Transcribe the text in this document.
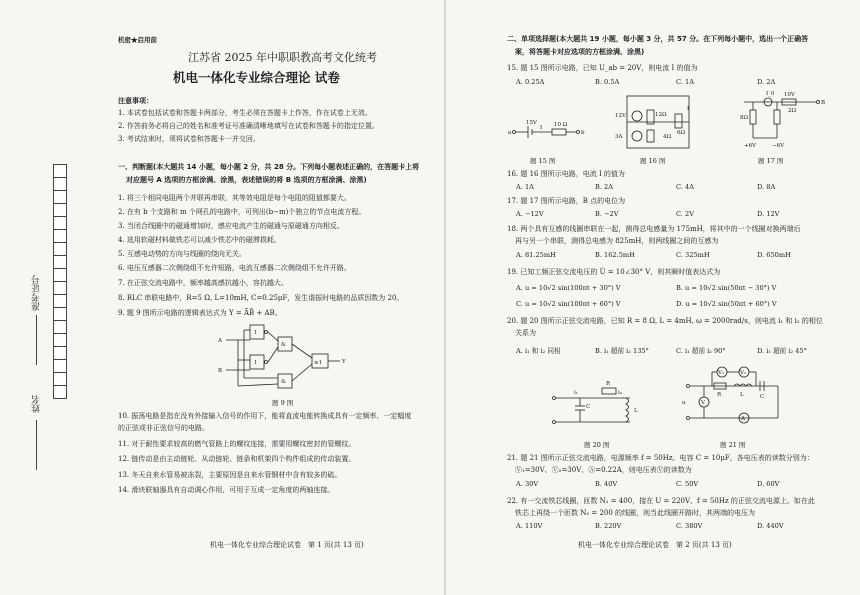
准考证号
姓名
机密★启用前
江苏省 2025 年中职职教高考文化统考
机电一体化专业综合理论 试卷
注意事项：
1. 本试卷包括试卷和答题卡两部分，考生必须在答题卡上作答，作在试卷上无效。
2. 作答前务必将自己的姓名和准考证号准确清晰地填写在试卷和答题卡的指定位置。
3. 考试结束时，须将试卷和答题卡一并交回。
一、判断题(本大题共 14 小题，每小题 2 分，共 28 分。下列每小题表述正确的，在答题卡上将
对应题号 A 选项的方框涂满、涂黑，表述错误的将 B 选项的方框涂满、涂黑)
1. 将三个相同电阻两个并联再串联，其等效电阻是每个电阻的阻值都要大。
2. 在有 b 个支路和 m 个网孔的电路中，可列出(b−m)个独立的节点电流方程。
3. 当闭合线圈中的磁通增加时，感应电流产生的磁通与原磁通方向相反。
4. 选用软磁材料做铁芯可以减少铁芯中的磁滞损耗。
5. 互感电动势的方向与线圈的绕向无关。
6. 电压互感器二次侧绕组不允许短路，电流互感器二次侧绕组不允许开路。
7. 在正弦交流电路中，频率越高感抗越小，容抗越大。
8. RLC 串联电路中，R=5 Ω, L=10mH, C=0.25μF，发生谐振时电路的品质因数为 20。
9. 题 9 图所示电路的逻辑表达式为 Y = ĀB̄ + AB。
A
B
1
1
&
&
≥1	Y
题 9 图
10. 振荡电路是指在没有外接输入信号的作用下，能将直流电能转换成具有一定频率、一定幅度
的正弦或非正弦信号的电路。
11. 对于耐性要求较高的燃气管路上的螺纹连接，需要用螺纹密封的管螺纹。
12. 链传动是由主动链轮、从动链轮、链条和机架四个构件组成的传动装置。
13. 冬天自来水管易被冻裂，主要原因是自来水管钢材中含有较多的硫。
14. 滑块联轴器具有自动调心作用，可用于互成一定角度的两轴连接。
机电一体化专业综合理论试卷　第 1 页(共 13 页)
二、单项选择题(本大题共 19 小题，每小题 3 分，共 57 分。在下列每小题中，选出一个正确答
案，将答题卡对应选项的方框涂满、涂黑)
15. 题 15 图所示电路，已知 U_ab = 20V，则电流 I 的值为
A. 0.25A	B. 0.5A	C. 1A	D. 2A
a
15V
I 10 Ω
b
题 15 图
12V	12Ω
4Ω
6Ω
3A
I
题 16 图
I_0
8Ω
10V
2Ω
B
+6V	−6V
题 17 图
16. 题 16 图所示电路，电流 I 的值为
A. 1A	B. 2A	C. 4A	D. 8A
17. 题 17 图所示电路，B 点的电位为
A. −12V	B. −2V	C. 2V	D. 12V
18. 两个具有互感的线圈串联在一起，测得总电感量为 175mH，将其中的一个线圈对换两端后
再与另一个串联，测得总电感为 825mH，则两线圈之间的互感为
A. 81.25mH	B. 162.5mH	C. 325mH	D. 650mH
19. 已知工频正弦交流电压的 U̇ = 10∠30° V，则其瞬时值表达式为
A. u = 10√2 sin(100πt + 30°) V	B. u = 10√2 sin(50πt − 30°) V
C. u = 10√2 sin(100πt + 60°) V	D. u = 10√2 sin(50πt + 60°) V
20. 题 20 图所示正弦交流电路，已知 R = 8 Ω, L = 4mH, ω = 2000rad/s，则电流 i₁ 和 i₂ 的相位
关系为
A. i₁ 和 i₂ 同相	B. i₁ 超前 i₂ 135°	C. i₁ 超前 i₂ 90°	D. i₁ 超前 i₂ 45°
R
C
L
i₁	i₂
题 20 图
u	V
V₁	V₂
A
R	L	C
题 21 图
21. 题 21 图所示正弦交流电路，电源频率 f = 50Hz，电容 C = 10μF，各电压表的读数分别为：
Ⓥ₁=30V、Ⓥ₂=30V、Ⓐ=0.22A，则电压表Ⓥ的读数为
A. 30V	B. 40V	C. 50V	D. 60V
22. 有一交流铁芯线圈，匝数 N₁ = 400，接在 U = 220V、f = 50Hz 的正弦交流电源上。如在此
铁芯上再绕一个匝数 N₂ = 200 的线圈，则当此线圈开路时，其两端的电压为
A. 110V	B. 220V	C. 380V	D. 440V
机电一体化专业综合理论试卷　第 2 页(共 13 页)
